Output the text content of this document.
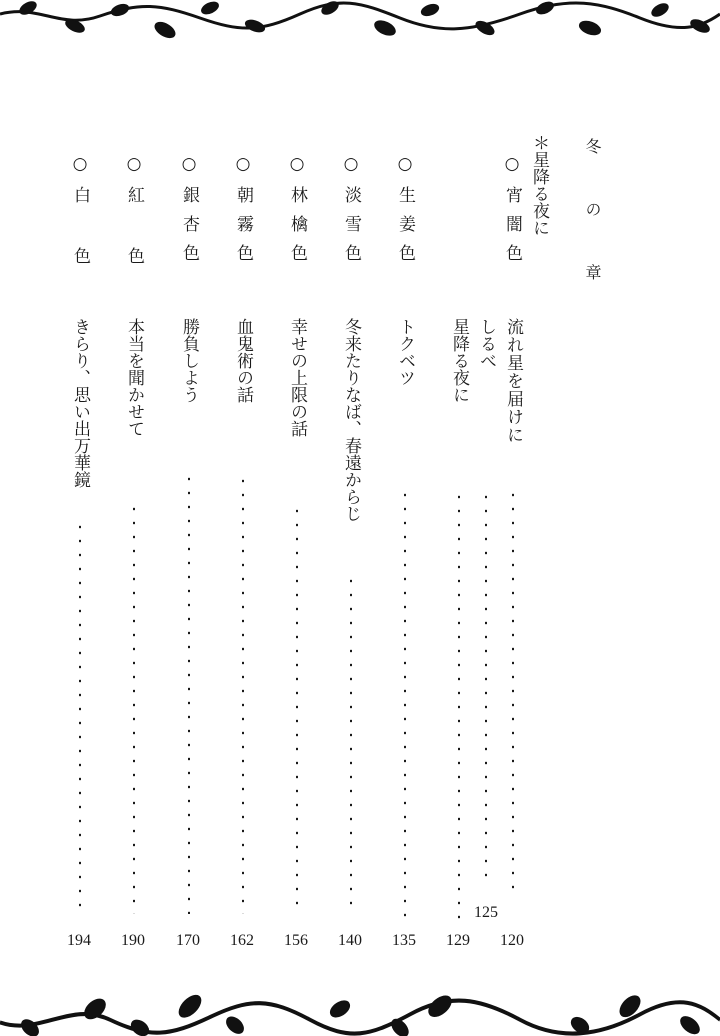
冬 の 章
＊星降る夜に
○
宵闇色
流れ星を届けに
しるべ
星降る夜に
120
125
129
○
生姜色
トクベツ
135
○
淡雪色
冬来たりなば、春遠からじ
140
○
林檎色
幸せの上限の話
156
○
朝霧色
血鬼術の話
162
○
銀杏色
勝負しよう
170
○
紅色
本当を聞かせて
190
○
白色
きらり、思い出万華鏡
194
